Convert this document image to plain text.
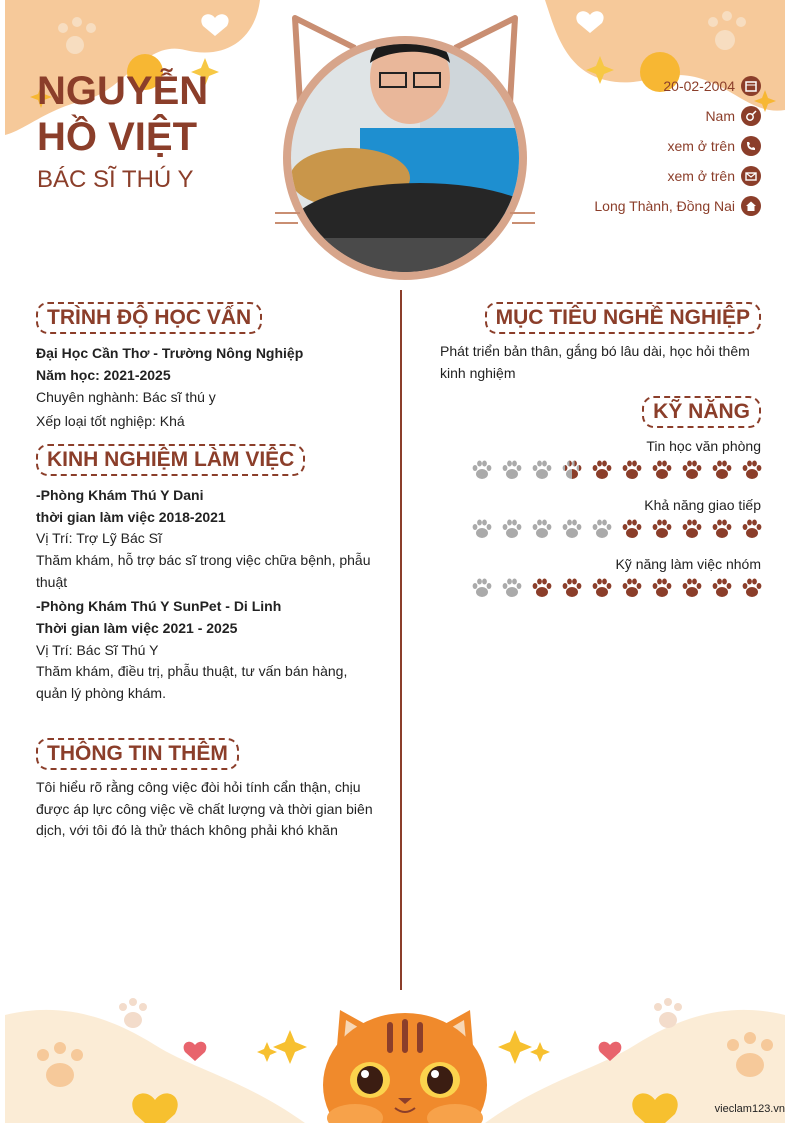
NGUYỄN
HỒ VIỆT
BÁC SĨ THÚ Y
20-02-2004
Nam
xem ở trên
xem ở trên
Long Thành, Đồng Nai
TRÌNH ĐỘ HỌC VẤN
Đại Học Cần Thơ - Trường Nông Nghiệp
Năm học: 2021-2025
Chuyên nghành: Bác sĩ thú y
Xếp loại tốt nghiệp: Khá
KINH NGHIỆM LÀM VIỆC
-Phòng Khám Thú Y Dani
thời gian làm việc 2018-2021
Vị Trí: Trợ Lỹ Bác Sĩ
Thăm khám, hỗ trợ bác sĩ trong việc chữa bệnh, phẫu
thuật
-Phòng Khám Thú Y SunPet - Di Linh
Thời gian làm việc 2021 - 2025
Vị Trí: Bác Sĩ Thú Y
Thăm khám, điều trị, phẫu thuật, tư vấn bán hàng,
quản lý phòng khám.
THÔNG TIN THÊM
Tôi hiểu rõ rằng công việc đòi hỏi tính cẩn thận, chịu
được áp lực công việc về chất lượng và thời gian biên
dịch, với tôi đó là thử thách không phải khó khăn
MỤC TIÊU NGHỀ NGHIỆP
Phát triển bản thân, gắng bó lâu dài, học hỏi thêm
kinh nghiệm
KỸ NĂNG
Tin học văn phòng
Khả năng giao tiếp
Kỹ năng làm việc nhóm
vieclam123.vn
